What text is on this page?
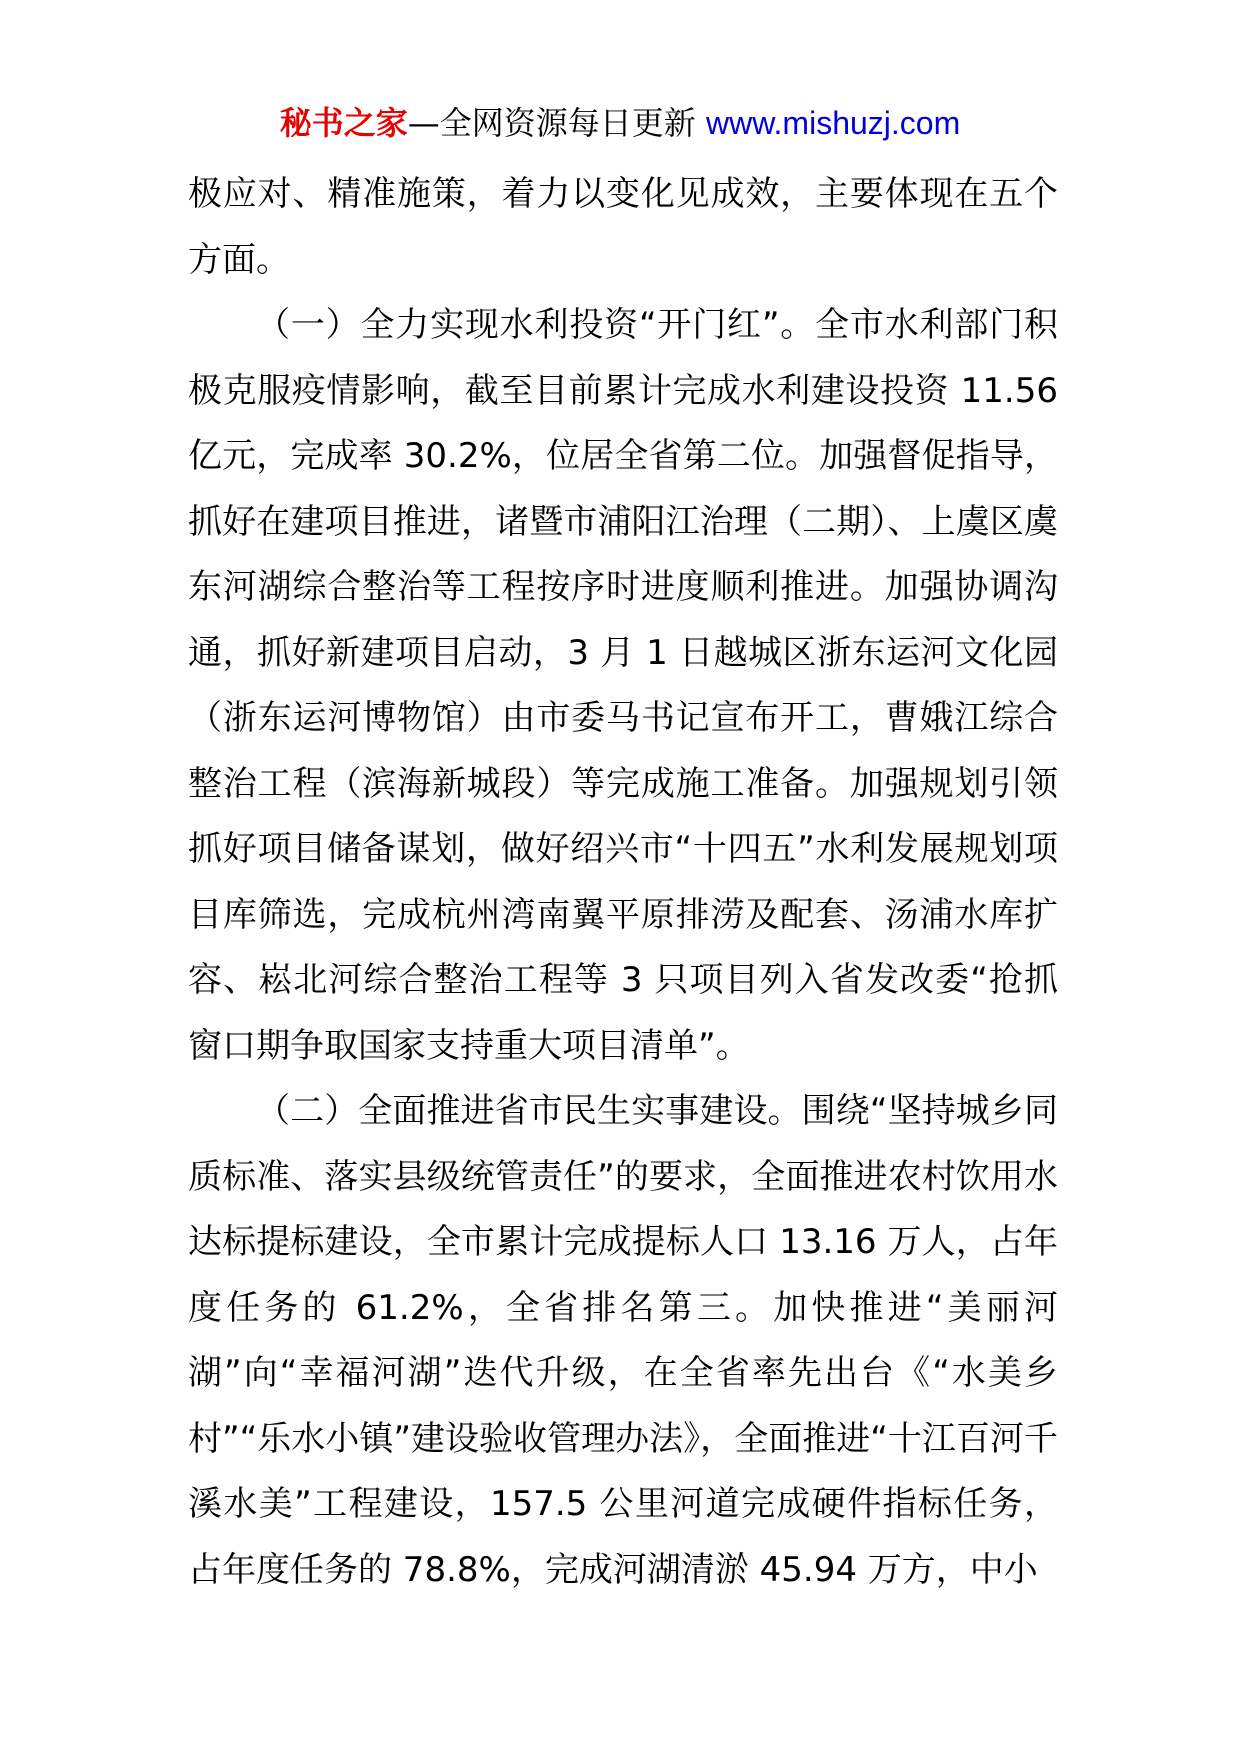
秘书之家—全网资源每日更新 www.mishuzj.com

极应对、精准施策，着力以变化见成效，主要体现在五个方面。

（一）全力实现水利投资“开门红”。全市水利部门积极克服疫情影响，截至目前累计完成水利建设投资 11.56 亿元，完成率 30.2%，位居全省第二位。加强督促指导，抓好在建项目推进，诸暨市浦阳江治理（二期）、上虞区虞东河湖综合整治等工程按序时进度顺利推进。加强协调沟通，抓好新建项目启动，3 月 1 日越城区浙东运河文化园（浙东运河博物馆）由市委马书记宣布开工，曹娥江综合整治工程（滨海新城段）等完成施工准备。加强规划引领抓好项目储备谋划，做好绍兴市“十四五”水利发展规划项目库筛选，完成杭州湾南翼平原排涝及配套、汤浦水库扩容、崧北河综合整治工程等 3 只项目列入省发改委“抢抓窗口期争取国家支持重大项目清单”。

（二）全面推进省市民生实事建设。围绕“坚持城乡同质标准、落实县级统管责任”的要求，全面推进农村饮用水达标提标建设，全市累计完成提标人口 13.16 万人，占年度任务的 61.2%，全省排名第三。加快推进“美丽河湖”向“幸福河湖”迭代升级，在全省率先出台《“水美乡村”“乐水小镇”建设验收管理办法》，全面推进“十江百河千溪水美”工程建设，157.5 公里河道完成硬件指标任务，占年度任务的 78.8%，完成河湖清淤 45.94 万方，中小
